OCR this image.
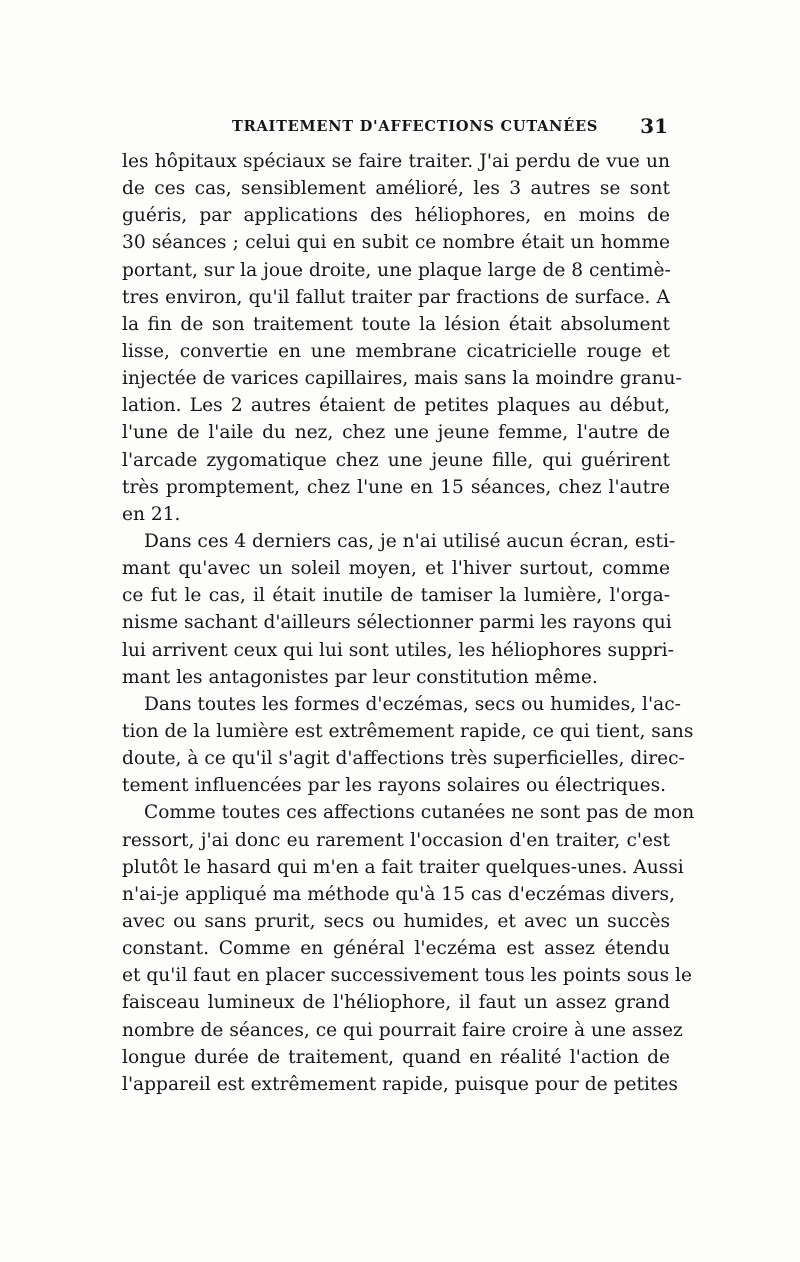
TRAITEMENT D'AFFECTIONS CUTANÉES 31
les hôpitaux spéciaux se faire traiter. J'ai perdu de vue un
de ces cas, sensiblement amélioré, les 3 autres se sont
guéris, par applications des héliophores, en moins de
30 séances ; celui qui en subit ce nombre était un homme
portant, sur la joue droite, une plaque large de 8 centimè-
tres environ, qu'il fallut traiter par fractions de surface. A
la fin de son traitement toute la lésion était absolument
lisse, convertie en une membrane cicatricielle rouge et
injectée de varices capillaires, mais sans la moindre granu-
lation. Les 2 autres étaient de petites plaques au début,
l'une de l'aile du nez, chez une jeune femme, l'autre de
l'arcade zygomatique chez une jeune fille, qui guérirent
très promptement, chez l'une en 15 séances, chez l'autre
en 21.
Dans ces 4 derniers cas, je n'ai utilisé aucun écran, esti-
mant qu'avec un soleil moyen, et l'hiver surtout, comme
ce fut le cas, il était inutile de tamiser la lumière, l'orga-
nisme sachant d'ailleurs sélectionner parmi les rayons qui
lui arrivent ceux qui lui sont utiles, les héliophores suppri-
mant les antagonistes par leur constitution même.
Dans toutes les formes d'eczémas, secs ou humides, l'ac-
tion de la lumière est extrêmement rapide, ce qui tient, sans
doute, à ce qu'il s'agit d'affections très superficielles, direc-
tement influencées par les rayons solaires ou électriques.
Comme toutes ces affections cutanées ne sont pas de mon
ressort, j'ai donc eu rarement l'occasion d'en traiter, c'est
plutôt le hasard qui m'en a fait traiter quelques-unes. Aussi
n'ai-je appliqué ma méthode qu'à 15 cas d'eczémas divers,
avec ou sans prurit, secs ou humides, et avec un succès
constant. Comme en général l'eczéma est assez étendu
et qu'il faut en placer successivement tous les points sous le
faisceau lumineux de l'héliophore, il faut un assez grand
nombre de séances, ce qui pourrait faire croire à une assez
longue durée de traitement, quand en réalité l'action de
l'appareil est extrêmement rapide, puisque pour de petites
